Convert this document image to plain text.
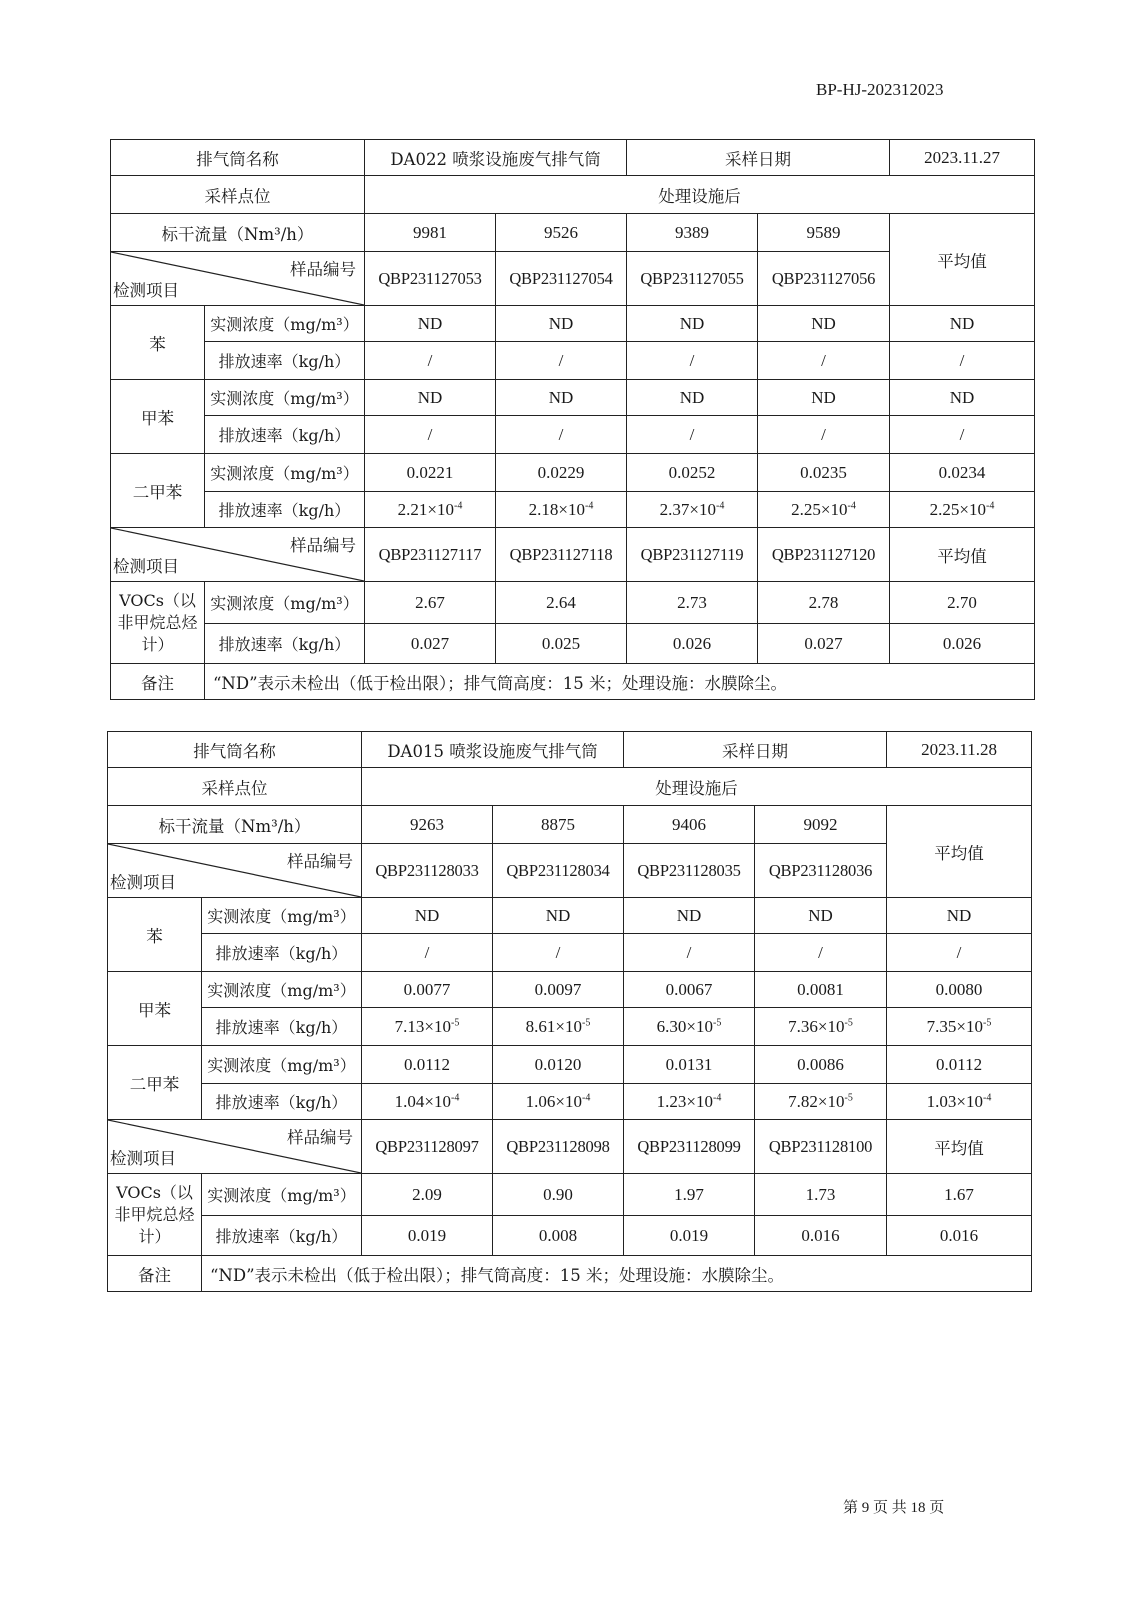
BP-HJ-202312023
排气筒名称		DA022 喷浆设施废气排气筒		采样日期		2023.11.27
采样点位		处理设施后				
标干流量（Nm³/h）		9981	9526	9389	9589	平均值

样品编号
检测项目		QBP231127053	QBP231127054	QBP231127055	QBP231127056	
苯	实测浓度（mg/m³）	ND	ND	ND	ND	ND
	排放速率（kg/h）	/	/	/	/	/
甲苯	实测浓度（mg/m³）	ND	ND	ND	ND	ND
	排放速率（kg/h）	/	/	/	/	/
二甲苯	实测浓度（mg/m³）	0.0221	0.0229	0.0252	0.0235	0.0234
	排放速率（kg/h）	$2.21\times 10^{-4}$	$2.18\times 10^{-4}$	$2.37\times 10^{-4}$	$2.25\times 10^{-4}$	$2.25\times 10^{-4}$

样品编号
检测项目		QBP231127117	QBP231127118	QBP231127119	QBP231127120	平均值
VOCs（以非甲烷总烃计）	实测浓度（mg/m³）	2.67	2.64	2.73	2.78	2.70
	排放速率（kg/h）	0.027	0.025	0.026	0.027	0.026
备注	“ND”表示未检出（低于检出限）；排气筒高度：15 米；处理设施：水膜除尘。					
排气筒名称		DA015 喷浆设施废气排气筒		采样日期		2023.11.28
采样点位		处理设施后				
标干流量（Nm³/h）		9263	8875	9406	9092	平均值

样品编号
检测项目		QBP231128033	QBP231128034	QBP231128035	QBP231128036	
苯	实测浓度（mg/m³）	ND	ND	ND	ND	ND
	排放速率（kg/h）	/	/	/	/	/
甲苯	实测浓度（mg/m³）	0.0077	0.0097	0.0067	0.0081	0.0080
	排放速率（kg/h）	$7.13\times 10^{-5}$	$8.61\times 10^{-5}$	$6.30\times 10^{-5}$	$7.36\times 10^{-5}$	$7.35\times 10^{-5}$
二甲苯	实测浓度（mg/m³）	0.0112	0.0120	0.0131	0.0086	0.0112
	排放速率（kg/h）	$1.04\times 10^{-4}$	$1.06\times 10^{-4}$	$1.23\times 10^{-4}$	$7.82\times 10^{-5}$	$1.03\times 10^{-4}$

样品编号
检测项目		QBP231128097	QBP231128098	QBP231128099	QBP231128100	平均值
VOCs（以非甲烷总烃计）	实测浓度（mg/m³）	2.09	0.90	1.97	1.73	1.67
	排放速率（kg/h）	0.019	0.008	0.019	0.016	0.016
备注	“ND”表示未检出（低于检出限）；排气筒高度：15 米；处理设施：水膜除尘。					
第 9 页 共 18 页
